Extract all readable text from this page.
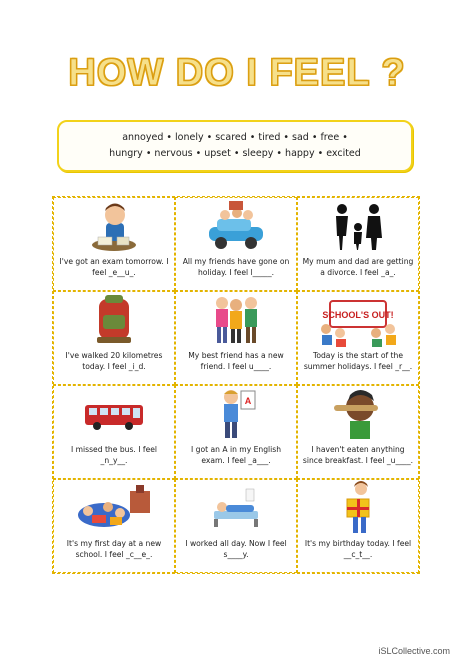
HOW DO I FEEL ?
annoyed • lonely • scared • tired • sad • free •
hungry • nervous • upset • sleepy • happy • excited
I've got an exam tomorrow. I feel _e__u_.
All my friends have gone on holiday. I feel l_____.
My mum and dad are getting a divorce. I feel _a_.
I've walked 20 kilometres today. I feel _i_d.
My best friend has a new friend. I feel u____.
SCHOOL'S OUT!
Today is the start of the summer holidays. I feel _r__.
I missed the bus. I feel _n_y__.
A
I got an A in my English exam. I feel _a___.
I haven't eaten anything since breakfast. I feel _u____.
It's my first day at a new school. I feel _c__e_.
I worked all day. Now I feel s____y.
It's my birthday today. I feel __c_t__.
iSLCollective.com
